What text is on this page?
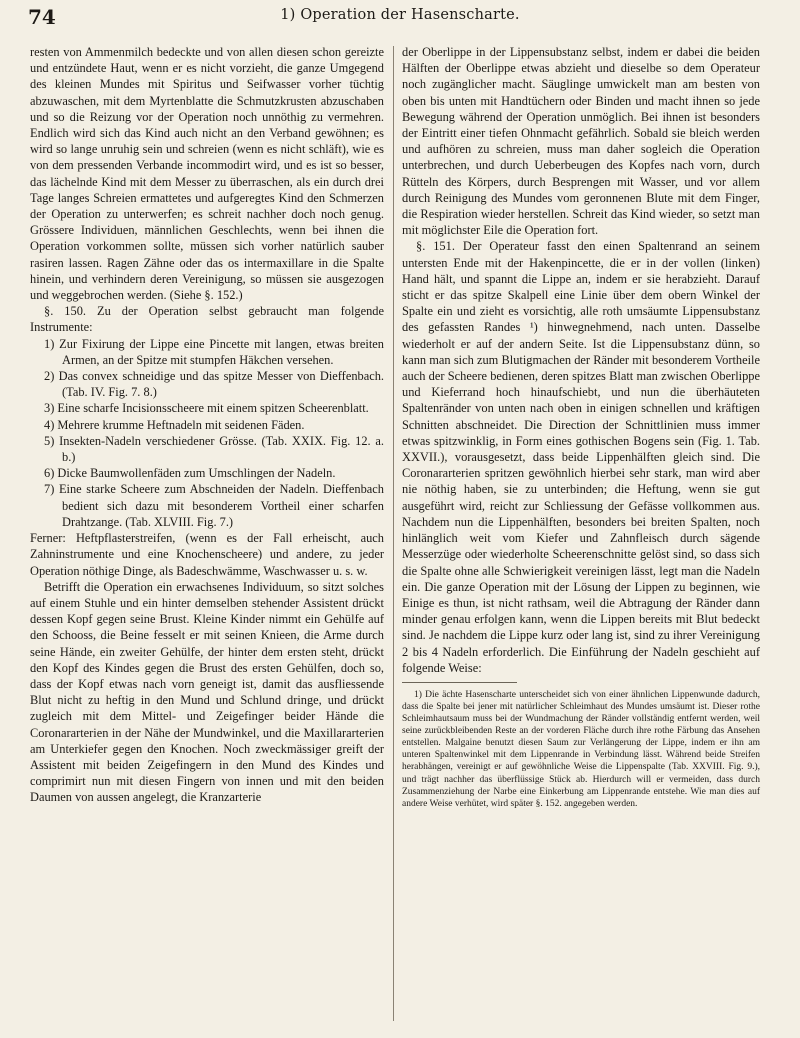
74	1) Operation der Hasenscharte.

resten von Ammenmilch bedeckte und von allen diesen schon gereizte und entzündete Haut, wenn er es nicht vorzieht, die ganze Umgegend des kleinen Mundes mit Spiritus und Seifwasser vorher tüchtig abzuwaschen, mit dem Myrtenblatte die Schmutzkrusten abzuschaben und so die Reizung vor der Operation noch unnöthig zu vermehren. Endlich wird sich das Kind auch nicht an den Verband gewöhnen; es wird so lange unruhig sein und schreien (wenn es nicht schläft), wie es von dem pressenden Verbande incommodirt wird, und es ist so besser, das lächelnde Kind mit dem Messer zu überraschen, als ein durch drei Tage langes Schreien ermattetes und aufgeregtes Kind den Schmerzen der Operation zu unterwerfen; es schreit nachher doch noch genug. Grössere Individuen, männlichen Geschlechts, wenn bei ihnen die Operation vorkommen sollte, müssen sich vorher natürlich sauber rasiren lassen. Ragen Zähne oder das os intermaxillare in die Spalte hinein, und verhindern deren Vereinigung, so müssen sie ausgezogen und weggebrochen werden. (Siehe §. 152.)

§. 150. Zu der Operation selbst gebraucht man folgende Instrumente:

1) Zur Fixirung der Lippe eine Pincette mit langen, etwas breiten Armen, an der Spitze mit stumpfen Häkchen versehen.

2) Das convex schneidige und das spitze Messer von Dieffenbach. (Tab. IV. Fig. 7. 8.)

3) Eine scharfe Incisionsscheere mit einem spitzen Scheerenblatt.

4) Mehrere krumme Heftnadeln mit seidenen Fäden.

5) Insekten-Nadeln verschiedener Grösse. (Tab. XXIX. Fig. 12. a. b.)

6) Dicke Baumwollenfäden zum Umschlingen der Nadeln.

7) Eine starke Scheere zum Abschneiden der Nadeln. Dieffenbach bedient sich dazu mit besonderem Vortheil einer scharfen Drahtzange. (Tab. XLVIII. Fig. 7.)

Ferner: Heftpflasterstreifen, (wenn es der Fall erheischt, auch Zahninstrumente und eine Knochenscheere) und andere, zu jeder Operation nöthige Dinge, als Badeschwämme, Waschwasser u. s. w.

Betrifft die Operation ein erwachsenes Individuum, so sitzt solches auf einem Stuhle und ein hinter demselben stehender Assistent drückt dessen Kopf gegen seine Brust. Kleine Kinder nimmt ein Gehülfe auf den Schooss, die Beine fesselt er mit seinen Knieen, die Arme durch seine Hände, ein zweiter Gehülfe, der hinter dem ersten steht, drückt den Kopf des Kindes gegen die Brust des ersten Gehülfen, doch so, dass der Kopf etwas nach vorn geneigt ist, damit das ausfliessende Blut nicht zu heftig in den Mund und Schlund dringe, und drückt zugleich mit dem Mittel- und Zeigefinger beider Hände die Coronararterien in der Nähe der Mundwinkel, und die Maxillararterien am Unterkiefer gegen den Knochen. Noch zweckmässiger greift der Assistent mit beiden Zeigefingern in den Mund des Kindes und comprimirt nun mit diesen Fingern von innen und mit den beiden Daumen von aussen angelegt, die Kranzarterie

der Oberlippe in der Lippensubstanz selbst, indem er dabei die beiden Hälften der Oberlippe etwas abzieht und dieselbe so dem Operateur noch zugänglicher macht. Säuglinge umwickelt man am besten von oben bis unten mit Handtüchern oder Binden und macht ihnen so jede Bewegung während der Operation unmöglich. Bei ihnen ist besonders der Eintritt einer tiefen Ohnmacht gefährlich. Sobald sie bleich werden und aufhören zu schreien, muss man daher sogleich die Operation unterbrechen, und durch Ueberbeugen des Kopfes nach vorn, durch Rütteln des Körpers, durch Besprengen mit Wasser, und vor allem durch Reinigung des Mundes vom geronnenen Blute mit dem Finger, die Respiration wieder herstellen. Schreit das Kind wieder, so setzt man mit möglichster Eile die Operation fort.

§. 151. Der Operateur fasst den einen Spaltenrand an seinem untersten Ende mit der Hakenpincette, die er in der vollen (linken) Hand hält, und spannt die Lippe an, indem er sie herabzieht. Darauf sticht er das spitze Skalpell eine Linie über dem obern Winkel der Spalte ein und zieht es vorsichtig, alle roth umsäumte Lippensubstanz des gefassten Randes ¹) hinwegnehmend, nach unten. Dasselbe wiederholt er auf der andern Seite. Ist die Lippensubstanz dünn, so kann man sich zum Blutigmachen der Ränder mit besonderem Vortheile auch der Scheere bedienen, deren spitzes Blatt man zwischen Oberlippe und Kieferrand hoch hinaufschiebt, und nun die überhäuteten Spaltenränder von unten nach oben in einigen schnellen und kräftigen Schnitten abschneidet. Die Direction der Schnittlinien muss immer etwas spitzwinklig, in Form eines gothischen Bogens sein (Fig. 1. Tab. XXVII.), vorausgesetzt, dass beide Lippenhälften gleich sind. Die Coronararterien spritzen gewöhnlich hierbei sehr stark, man wird aber nie nöthig haben, sie zu unterbinden; die Heftung, wenn sie gut ausgeführt wird, reicht zur Schliessung der Gefässe vollkommen aus. Nachdem nun die Lippenhälften, besonders bei breiten Spalten, noch hinlänglich weit vom Kiefer und Zahnfleisch durch sägende Messerzüge oder wiederholte Scheerenschnitte gelöst sind, so dass sich die Spalte ohne alle Schwierigkeit vereinigen lässt, legt man die Nadeln ein. Die ganze Operation mit der Lösung der Lippen zu beginnen, wie Einige es thun, ist nicht rathsam, weil die Abtragung der Ränder dann minder genau erfolgen kann, wenn die Lippen bereits mit Blut bedeckt sind. Je nachdem die Lippe kurz oder lang ist, sind zu ihrer Vereinigung 2 bis 4 Nadeln erforderlich. Die Einführung der Nadeln geschieht auf folgende Weise:

1) Die ächte Hasenscharte unterscheidet sich von einer ähnlichen Lippenwunde dadurch, dass die Spalte bei jener mit natürlicher Schleimhaut des Mundes umsäumt ist. Dieser rothe Schleimhautsaum muss bei der Wundmachung der Ränder vollständig entfernt werden, weil seine zurückbleibenden Reste an der vorderen Fläche durch ihre rothe Färbung das Ansehen entstellen. Malgaine benutzt diesen Saum zur Verlängerung der Lippe, indem er ihn am unteren Spaltenwinkel mit dem Lippenrande in Verbindung lässt. Während beide Streifen herabhängen, vereinigt er auf gewöhnliche Weise die Lippenspalte (Tab. XXVIII. Fig. 9.), und trägt nachher das überflüssige Stück ab. Hierdurch will er vermeiden, dass durch Zusammenziehung der Narbe eine Einkerbung am Lippenrande entstehe. Wie man dies auf andere Weise verhütet, wird später §. 152. angegeben werden.
